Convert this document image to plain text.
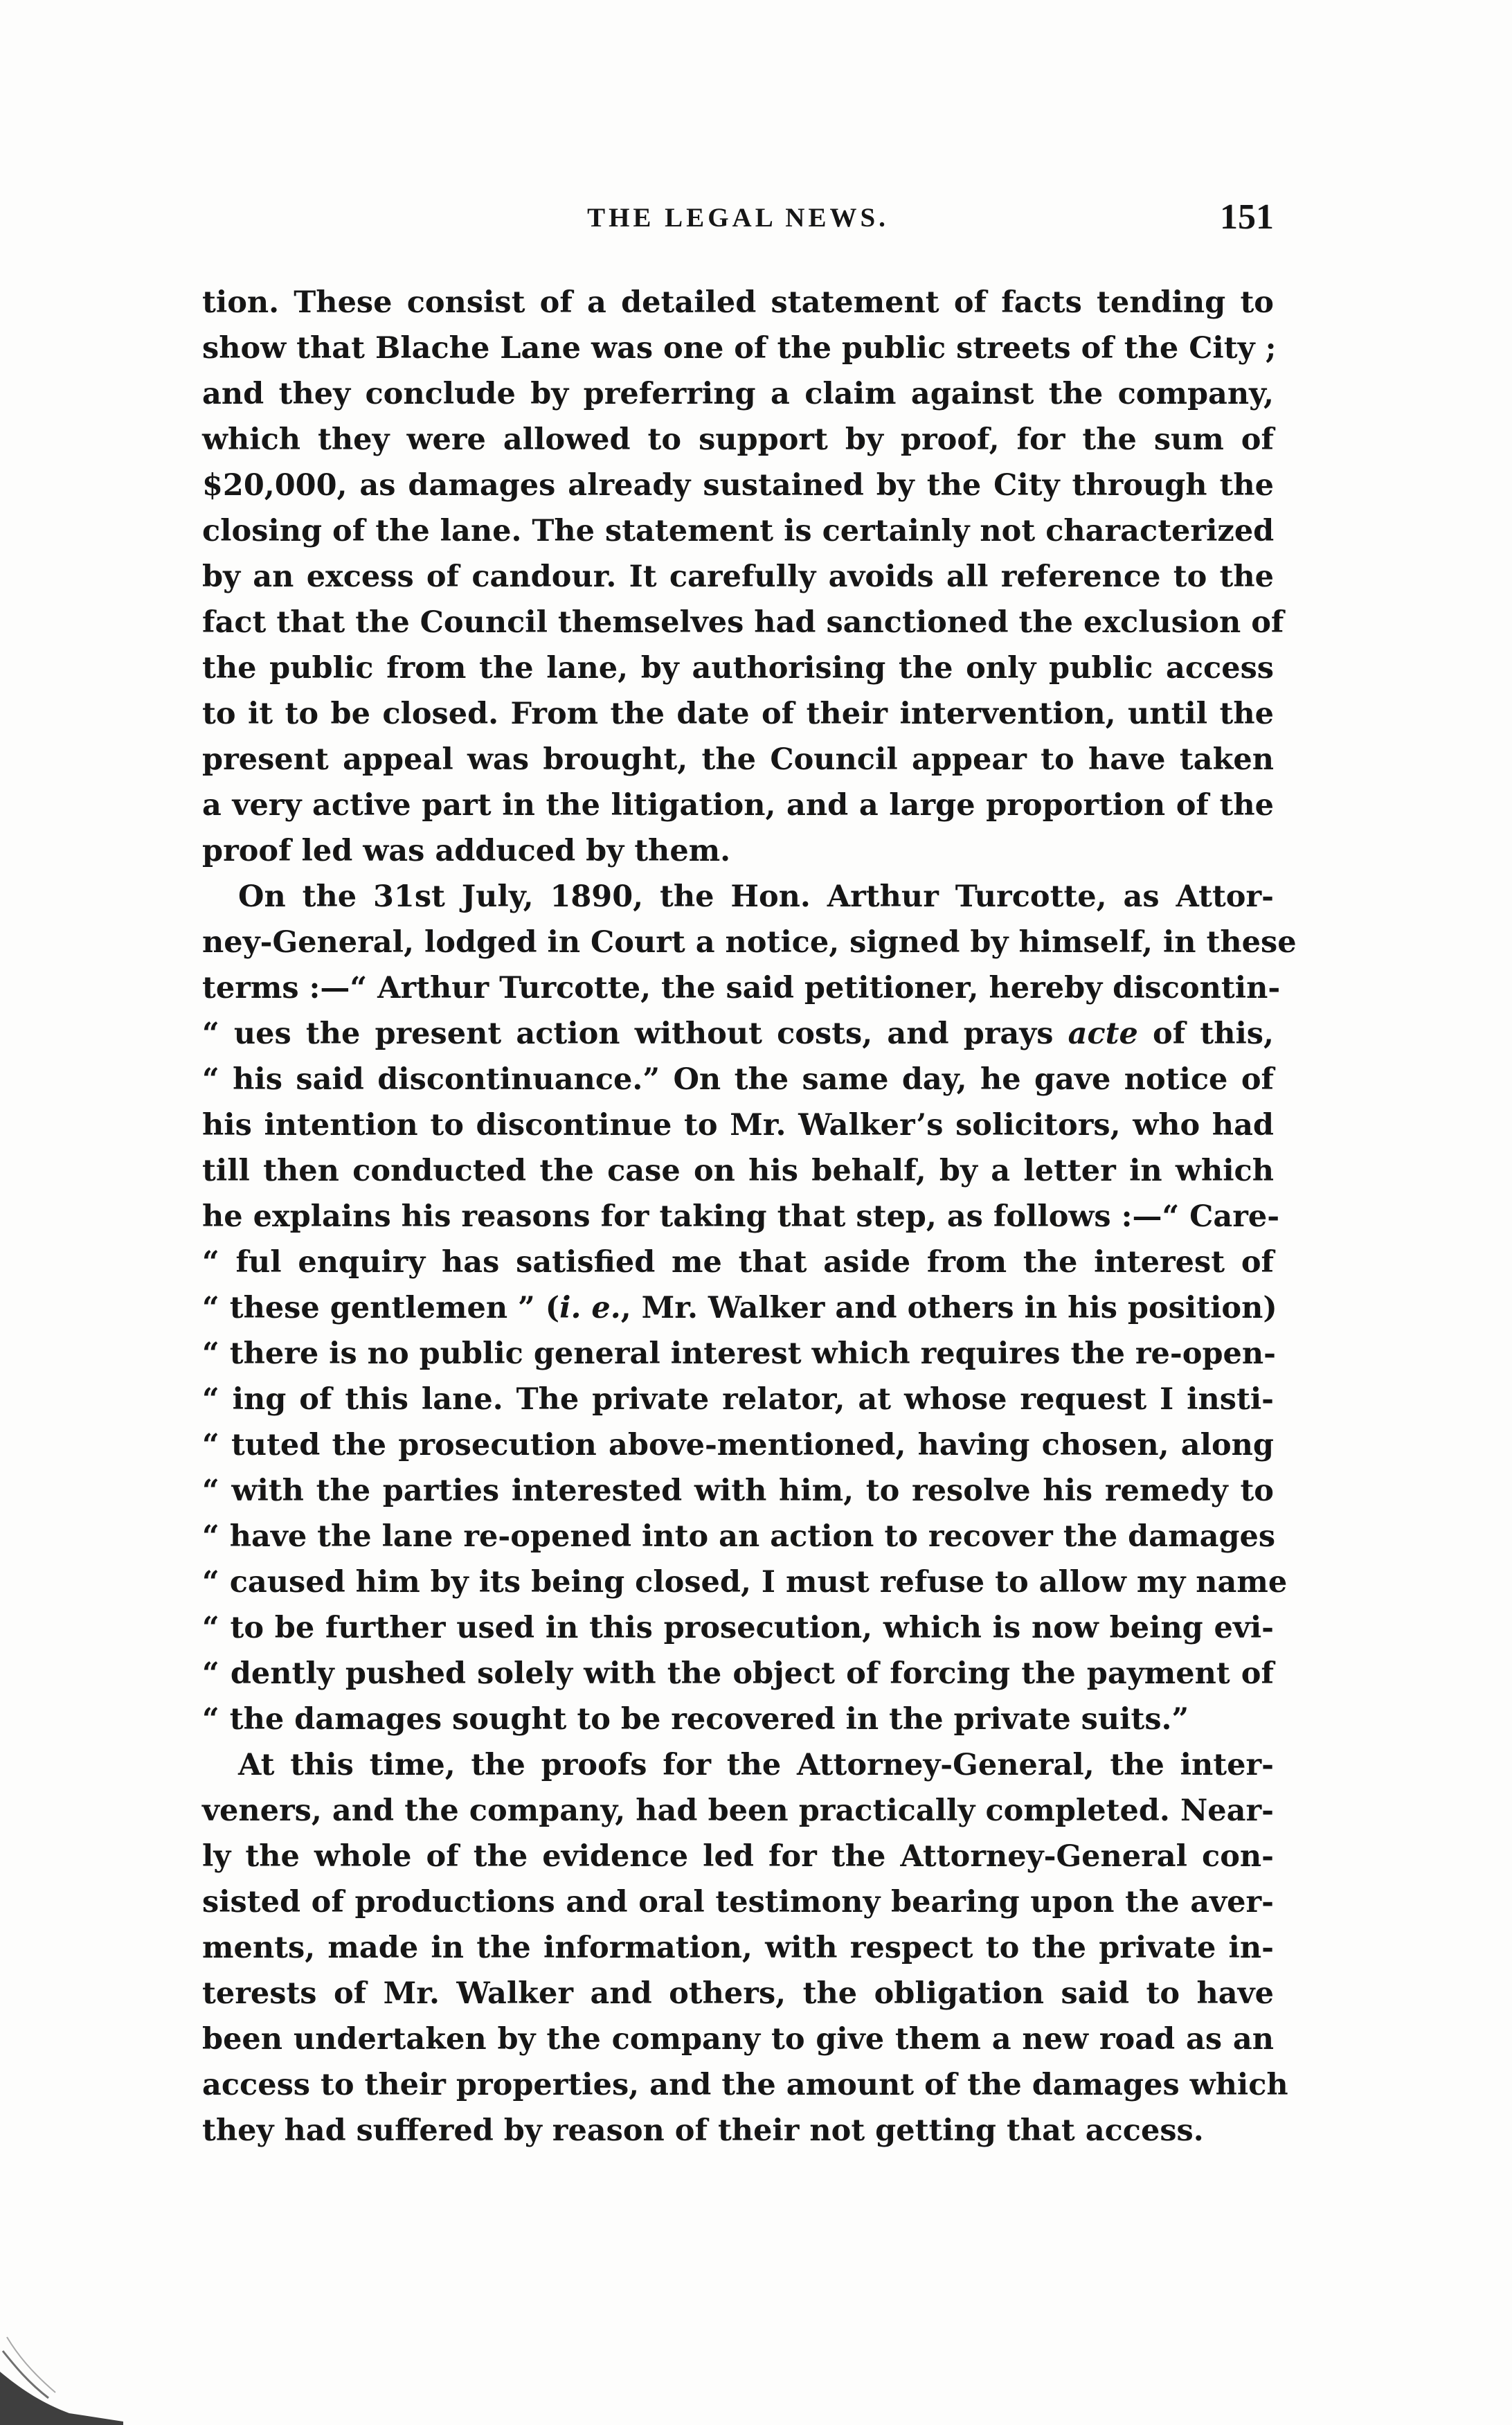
THE LEGAL NEWS.	151
tion. These consist of a detailed statement of facts tending to
show that Blache Lane was one of the public streets of the City ;
and they conclude by preferring a claim against the company,
which they were allowed to support by proof, for the sum of
$20,000, as damages already sustained by the City through the
closing of the lane. The statement is certainly not characterized
by an excess of candour. It carefully avoids all reference to the
fact that the Council themselves had sanctioned the exclusion of
the public from the lane, by authorising the only public access
to it to be closed. From the date of their intervention, until the
present appeal was brought, the Council appear to have taken
a very active part in the litigation, and a large proportion of the
proof led was adduced by them.
On the 31st July, 1890, the Hon. Arthur Turcotte, as Attor-
ney-General, lodged in Court a notice, signed by himself, in these
terms :—“ Arthur Turcotte, the said petitioner, hereby discontin-
“ ues the present action without costs, and prays acte of this,
“ his said discontinuance.” On the same day, he gave notice of
his intention to discontinue to Mr. Walker’s solicitors, who had
till then conducted the case on his behalf, by a letter in which
he explains his reasons for taking that step, as follows :—“ Care-
“ ful enquiry has satisfied me that aside from the interest of
“ these gentlemen ” (i. e., Mr. Walker and others in his position)
“ there is no public general interest which requires the re-open-
“ ing of this lane. The private relator, at whose request I insti-
“ tuted the prosecution above-mentioned, having chosen, along
“ with the parties interested with him, to resolve his remedy to
“ have the lane re-opened into an action to recover the damages
“ caused him by its being closed, I must refuse to allow my name
“ to be further used in this prosecution, which is now being evi-
“ dently pushed solely with the object of forcing the payment of
“ the damages sought to be recovered in the private suits.”
At this time, the proofs for the Attorney-General, the inter-
veners, and the company, had been practically completed. Near-
ly the whole of the evidence led for the Attorney-General con-
sisted of productions and oral testimony bearing upon the aver-
ments, made in the information, with respect to the private in-
terests of Mr. Walker and others, the obligation said to have
been undertaken by the company to give them a new road as an
access to their properties, and the amount of the damages which
they had suffered by reason of their not getting that access.
